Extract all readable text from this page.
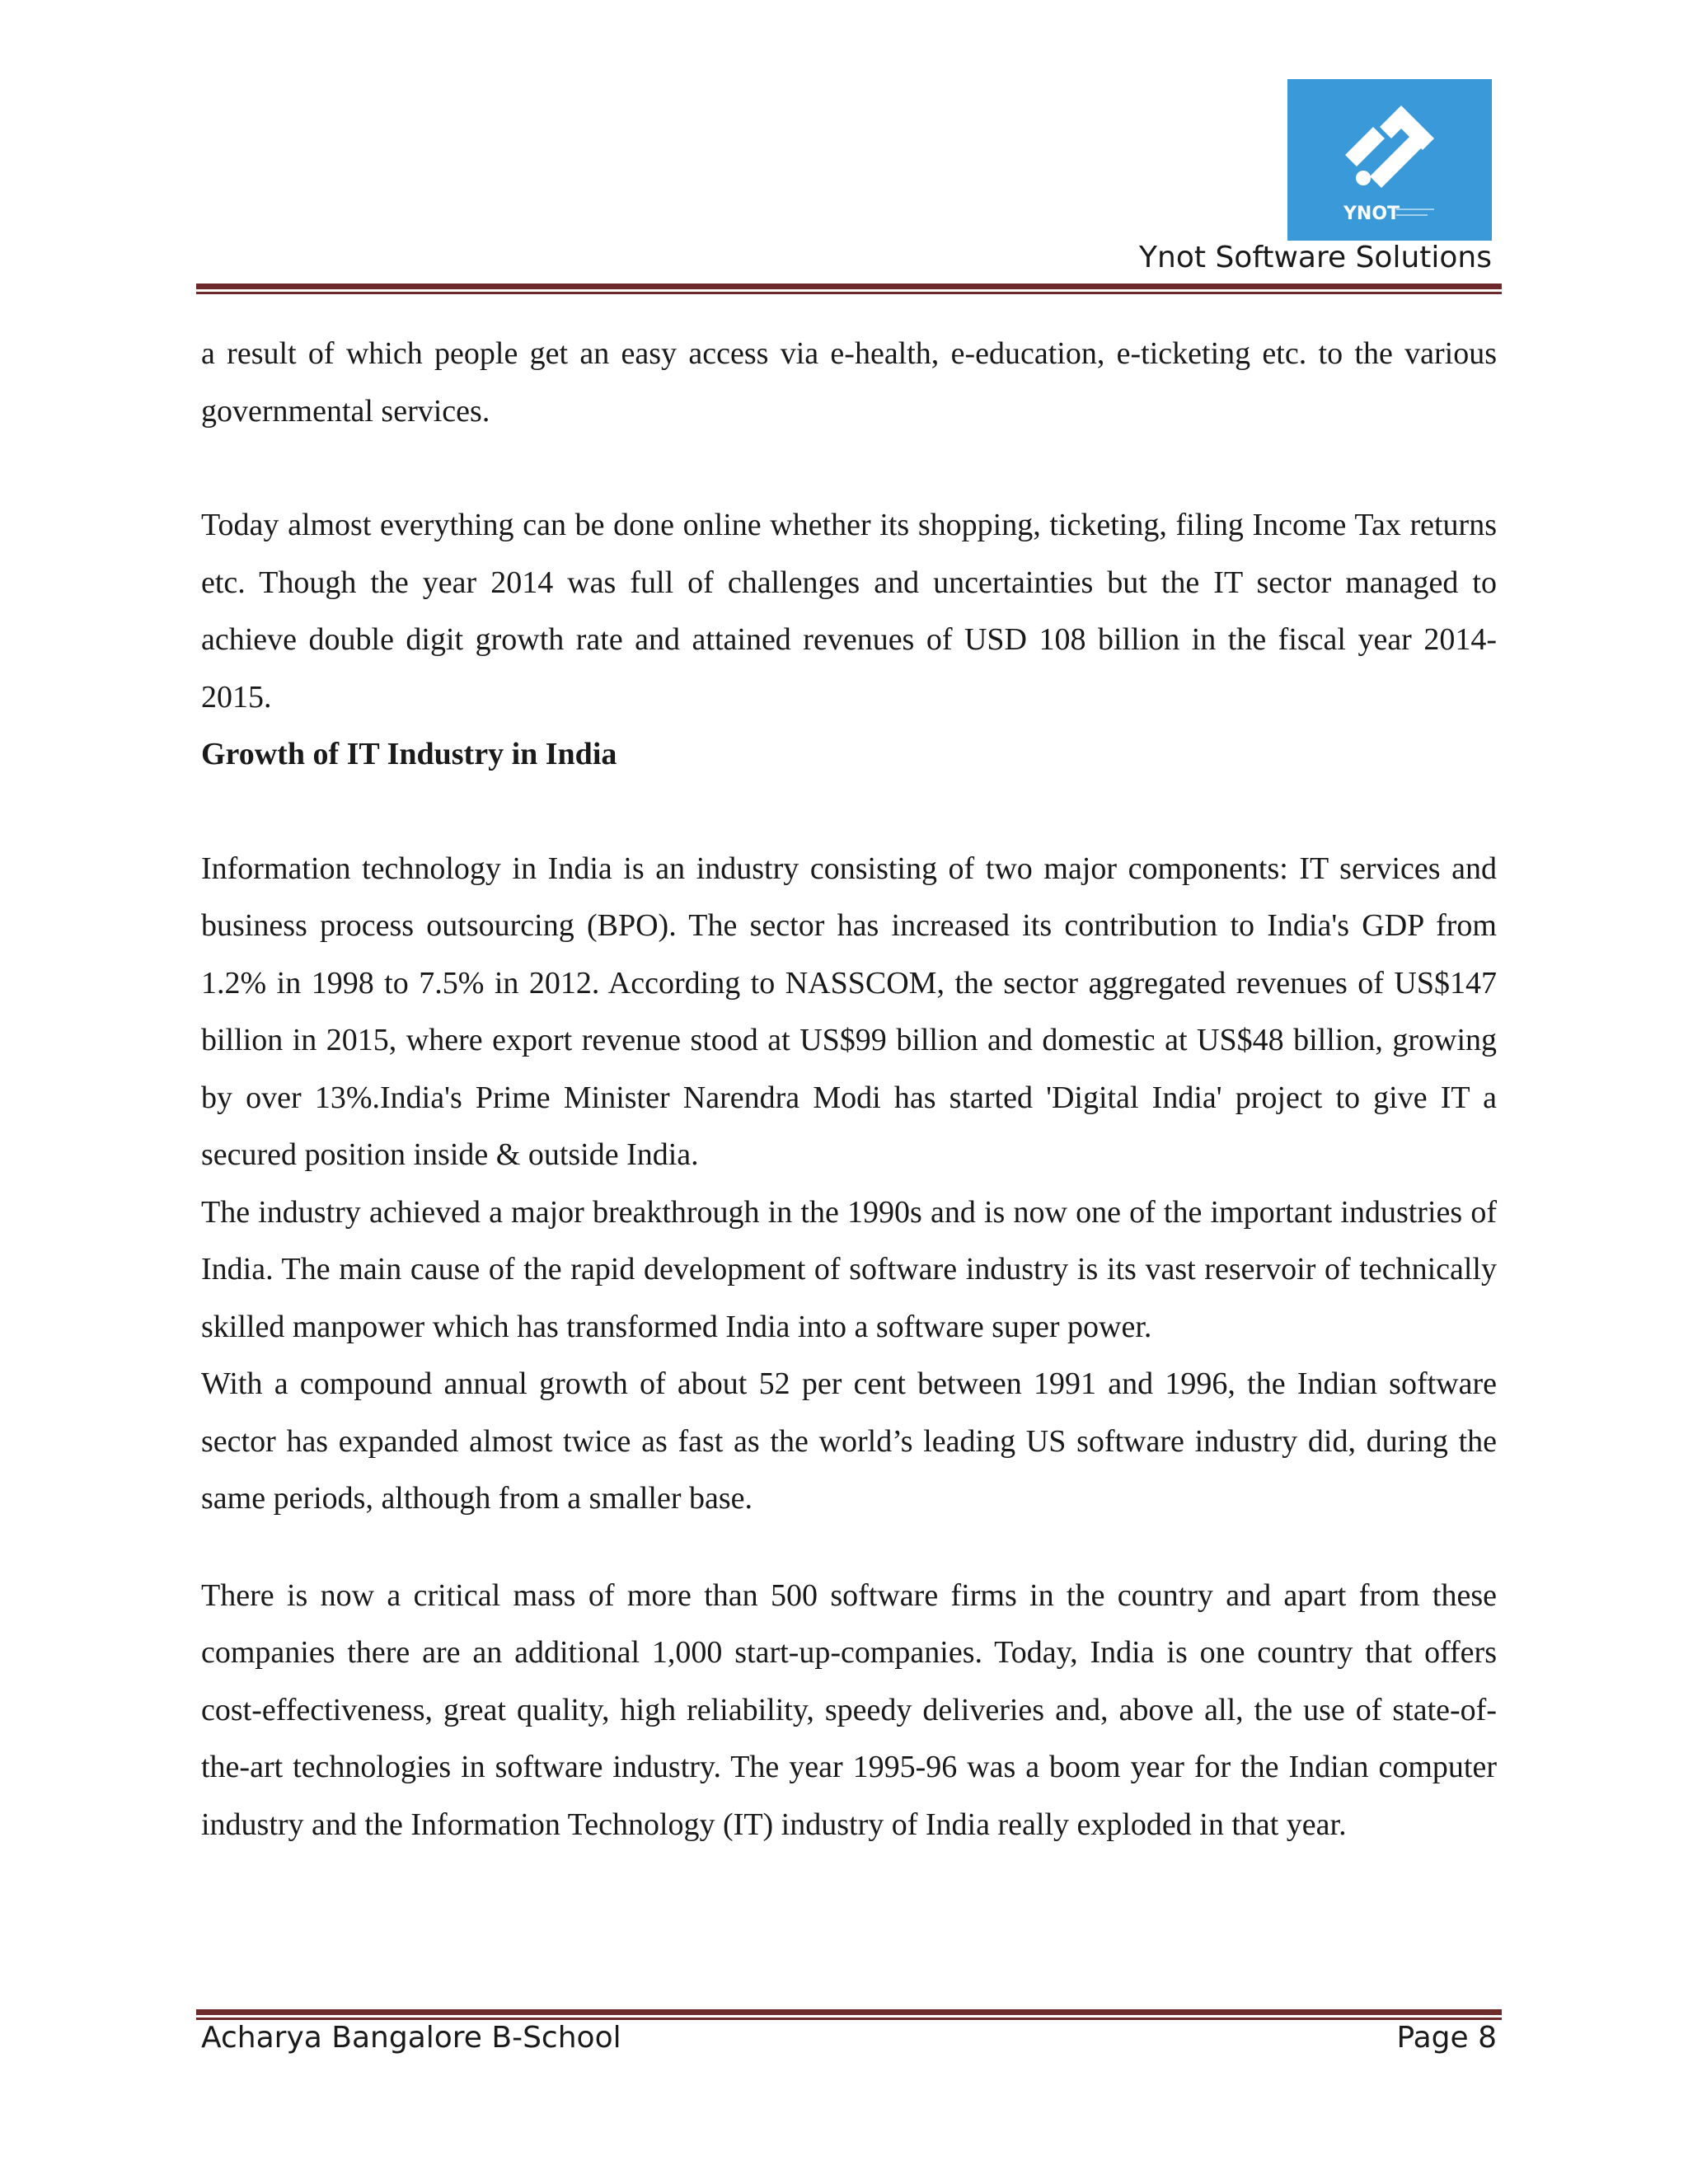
YNOT
Ynot Software Solutions

a result of which people get an easy access via e-health, e-education, e-ticketing etc. to the various governmental services.

Today almost everything can be done online whether its shopping, ticketing, filing Income Tax returns etc. Though the year 2014 was full of challenges and uncertainties but the IT sector managed to achieve double digit growth rate and attained revenues of USD 108 billion in the fiscal year 2014-2015.

Growth of IT Industry in India

Information technology in India is an industry consisting of two major components: IT services and business process outsourcing (BPO). The sector has increased its contribution to India's GDP from 1.2% in 1998 to 7.5% in 2012. According to NASSCOM, the sector aggregated revenues of US$147 billion in 2015, where export revenue stood at US$99 billion and domestic at US$48 billion, growing by over 13%.India's Prime Minister Narendra Modi has started 'Digital India' project to give IT a secured position inside & outside India.

The industry achieved a major breakthrough in the 1990s and is now one of the important industries of India. The main cause of the rapid development of software industry is its vast reservoir of technically skilled manpower which has transformed India into a software super power.

With a compound annual growth of about 52 per cent between 1991 and 1996, the Indian software sector has expanded almost twice as fast as the world’s leading US software industry did, during the same periods, although from a smaller base.

There is now a critical mass of more than 500 software firms in the country and apart from these companies there are an additional 1,000 start-up-companies. Today, India is one country that offers cost-effectiveness, great quality, high reliability, speedy deliveries and, above all, the use of state-of-the-art technologies in software industry. The year 1995-96 was a boom year for the Indian computer industry and the Information Technology (IT) industry of India really exploded in that year.

Acharya Bangalore B-School	Page 8
